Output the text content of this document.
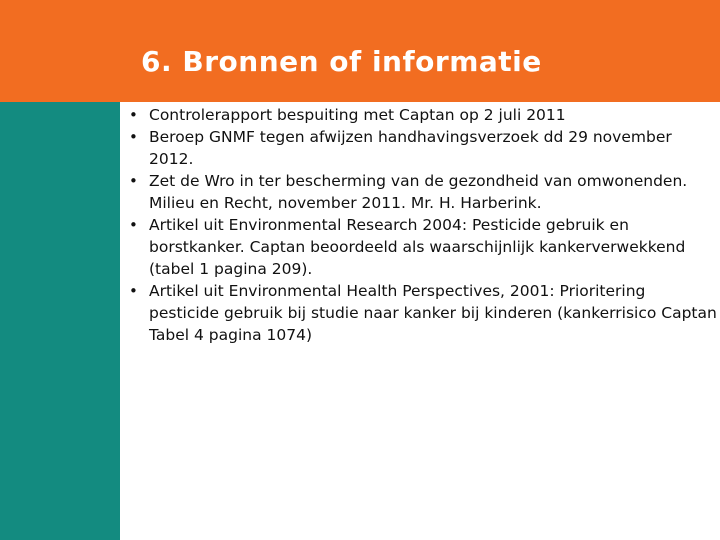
6. Bronnen of informatie
• Controlerapport bespuiting met Captan op 2 juli 2011
• Beroep GNMF tegen afwijzen handhavingsverzoek dd 29 november 2012.
• Zet de Wro in ter bescherming van de gezondheid van omwonenden. Milieu en Recht, november 2011. Mr. H. Harberink.
• Artikel uit Environmental Research 2004: Pesticide gebruik en borstkanker. Captan beoordeeld als waarschijnlijk kankerverwekkend (tabel 1 pagina 209).
• Artikel uit Environmental Health Perspectives, 2001: Prioritering pesticide gebruik bij studie naar kanker bij kinderen (kankerrisico Captan Tabel 4 pagina 1074)
